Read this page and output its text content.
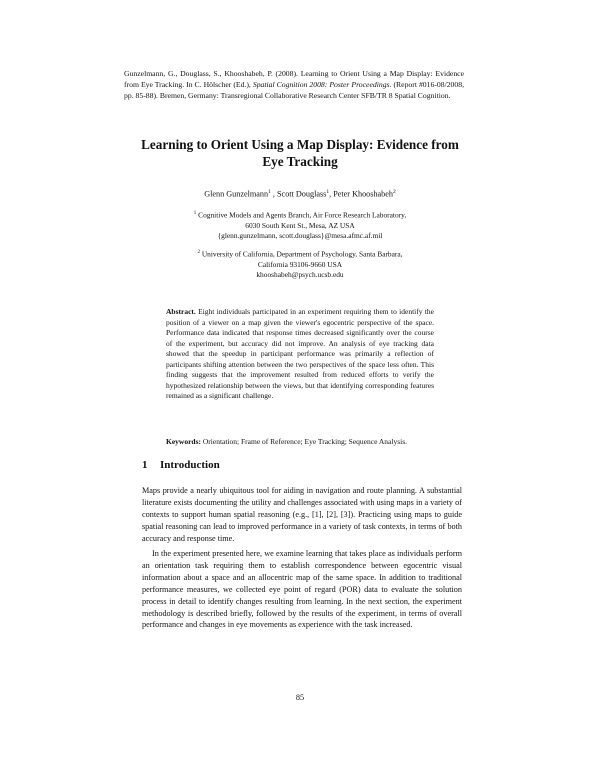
Gunzelmann, G., Douglass, S., Khooshabeh, P. (2008). Learning to Orient Using a Map Display: Evidence from Eye Tracking. In C. Hölscher (Ed.), Spatial Cognition 2008: Poster Proceedings. (Report #016-08/2008, pp. 85-88). Bremen, Germany: Transregional Collaborative Research Center SFB/TR 8 Spatial Cognition.
Learning to Orient Using a Map Display: Evidence from Eye Tracking
Glenn Gunzelmann$^1$ , Scott Douglass$^1$, Peter Khooshabeh$^2$
$^1$ Cognitive Models and Agents Branch, Air Force Research Laboratory,
6030 South Kent St., Mesa, AZ USA
{glenn.gunzelmann, scott.douglass}@mesa.afmc.af.mil
$^2$ University of California, Department of Psychology, Santa Barbara,
California 93106-9660 USA
khooshabeh@psych.ucsb.edu
Abstract. Eight individuals participated in an experiment requiring them to identify the position of a viewer on a map given the viewer's egocentric perspective of the space. Performance data indicated that response times decreased significantly over the course of the experiment, but accuracy did not improve. An analysis of eye tracking data showed that the speedup in participant performance was primarily a reflection of participants shifting attention between the two perspectives of the space less often. This finding suggests that the improvement resulted from reduced efforts to verify the hypothesized relationship between the views, but that identifying corresponding features remained as a significant challenge.
Keywords: Orientation; Frame of Reference; Eye Tracking; Sequence Analysis.
1 Introduction
Maps provide a nearly ubiquitous tool for aiding in navigation and route planning. A substantial literature exists documenting the utility and challenges associated with using maps in a variety of contexts to support human spatial reasoning (e.g., [1], [2], [3]). Practicing using maps to guide spatial reasoning can lead to improved performance in a variety of task contexts, in terms of both accuracy and response time.
In the experiment presented here, we examine learning that takes place as individuals perform an orientation task requiring them to establish correspondence between egocentric visual information about a space and an allocentric map of the same space. In addition to traditional performance measures, we collected eye point of regard (POR) data to evaluate the solution process in detail to identify changes resulting from learning. In the next section, the experiment methodology is described briefly, followed by the results of the experiment, in terms of overall performance and changes in eye movements as experience with the task increased.
85
